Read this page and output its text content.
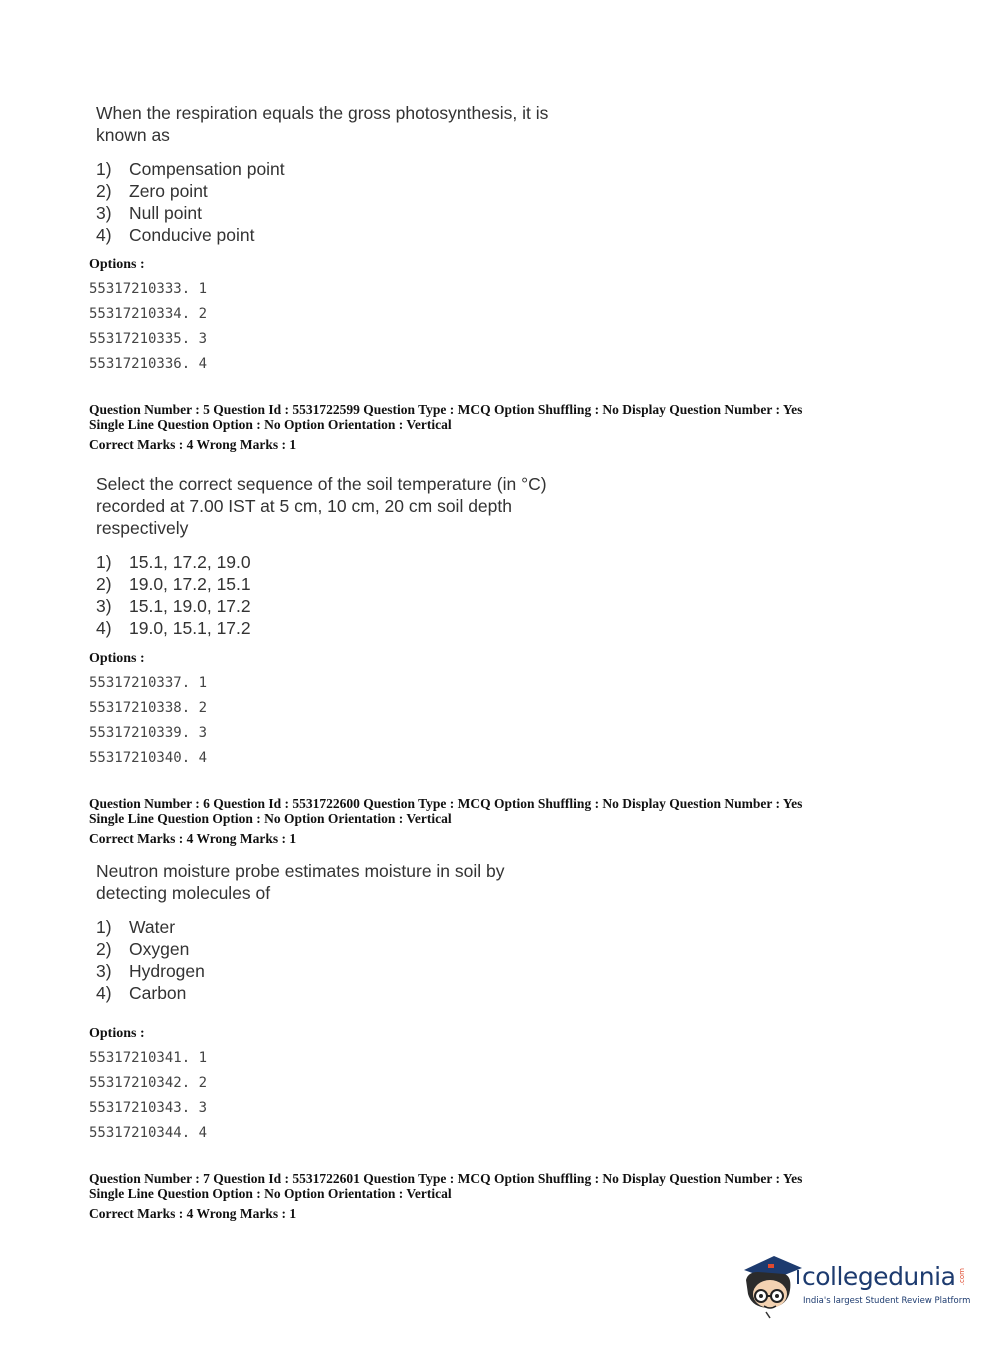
When the respiration equals the gross photosynthesis, it is
known as
1) Compensation point
2) Zero point
3) Null point
4) Conducive point
Options :
55317210333. 1
55317210334. 2
55317210335. 3
55317210336. 4
Question Number : 5 Question Id : 5531722599 Question Type : MCQ Option Shuffling : No Display Question Number : Yes
Single Line Question Option : No Option Orientation : Vertical
Correct Marks : 4 Wrong Marks : 1
Select the correct sequence of the soil temperature (in °C)
recorded at 7.00 IST at 5 cm, 10 cm, 20 cm soil depth
respectively
1) 15.1, 17.2, 19.0
2) 19.0, 17.2, 15.1
3) 15.1, 19.0, 17.2
4) 19.0, 15.1, 17.2
Options :
55317210337. 1
55317210338. 2
55317210339. 3
55317210340. 4
Question Number : 6 Question Id : 5531722600 Question Type : MCQ Option Shuffling : No Display Question Number : Yes
Single Line Question Option : No Option Orientation : Vertical
Correct Marks : 4 Wrong Marks : 1
Neutron moisture probe estimates moisture in soil by
detecting molecules of
1) Water
2) Oxygen
3) Hydrogen
4) Carbon
Options :
55317210341. 1
55317210342. 2
55317210343. 3
55317210344. 4
Question Number : 7 Question Id : 5531722601 Question Type : MCQ Option Shuffling : No Display Question Number : Yes
Single Line Question Option : No Option Orientation : Vertical
Correct Marks : 4 Wrong Marks : 1
collegedunia .com
India's largest Student Review Platform
